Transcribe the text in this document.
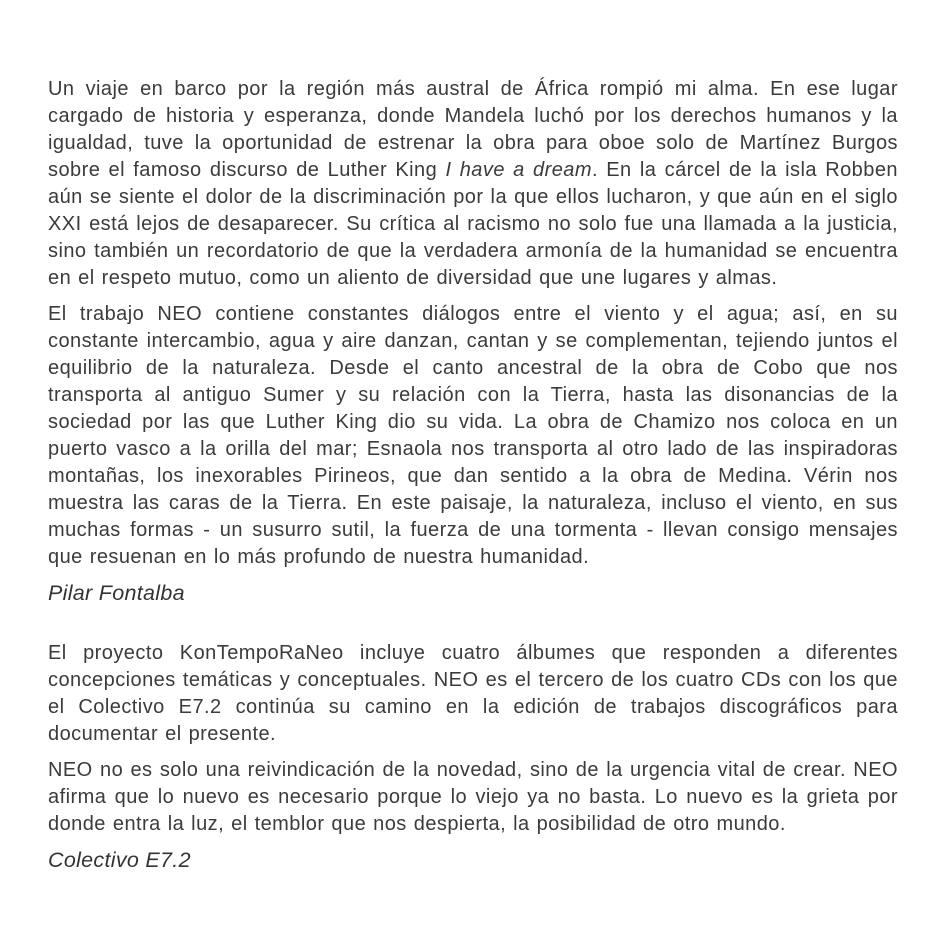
Un viaje en barco por la región más austral de África rompió mi alma. En ese lugar cargado de historia y esperanza, donde Mandela luchó por los derechos humanos y la igualdad, tuve la oportunidad de estrenar la obra para oboe solo de Martínez Burgos sobre el famoso discurso de Luther King I have a dream. En la cárcel de la isla Robben aún se siente el dolor de la discriminación por la que ellos lucharon, y que aún en el siglo XXI está lejos de desaparecer. Su crítica al racismo no solo fue una llamada a la justicia, sino también un recordatorio de que la verdadera armonía de la humanidad se encuentra en el respeto mutuo, como un aliento de diversidad que une lugares y almas.

El trabajo NEO contiene constantes diálogos entre el viento y el agua; así, en su constante intercambio, agua y aire danzan, cantan y se complementan, tejiendo juntos el equilibrio de la naturaleza. Desde el canto ancestral de la obra de Cobo que nos transporta al antiguo Sumer y su relación con la Tierra, hasta las disonancias de la sociedad por las que Luther King dio su vida. La obra de Chamizo nos coloca en un puerto vasco a la orilla del mar; Esnaola nos transporta al otro lado de las inspiradoras montañas, los inexorables Pirineos, que dan sentido a la obra de Medina. Vérin nos muestra las caras de la Tierra. En este paisaje, la naturaleza, incluso el viento, en sus muchas formas - un susurro sutil, la fuerza de una tormenta - llevan consigo mensajes que resuenan en lo más profundo de nuestra humanidad.

Pilar Fontalba

El proyecto KonTempoRaNeo incluye cuatro álbumes que responden a diferentes concepciones temáticas y conceptuales. NEO es el tercero de los cuatro CDs con los que el Colectivo E7.2 continúa su camino en la edición de trabajos discográficos para documentar el presente.

NEO no es solo una reivindicación de la novedad, sino de la urgencia vital de crear. NEO afirma que lo nuevo es necesario porque lo viejo ya no basta. Lo nuevo es la grieta por donde entra la luz, el temblor que nos despierta, la posibilidad de otro mundo.

Colectivo E7.2
